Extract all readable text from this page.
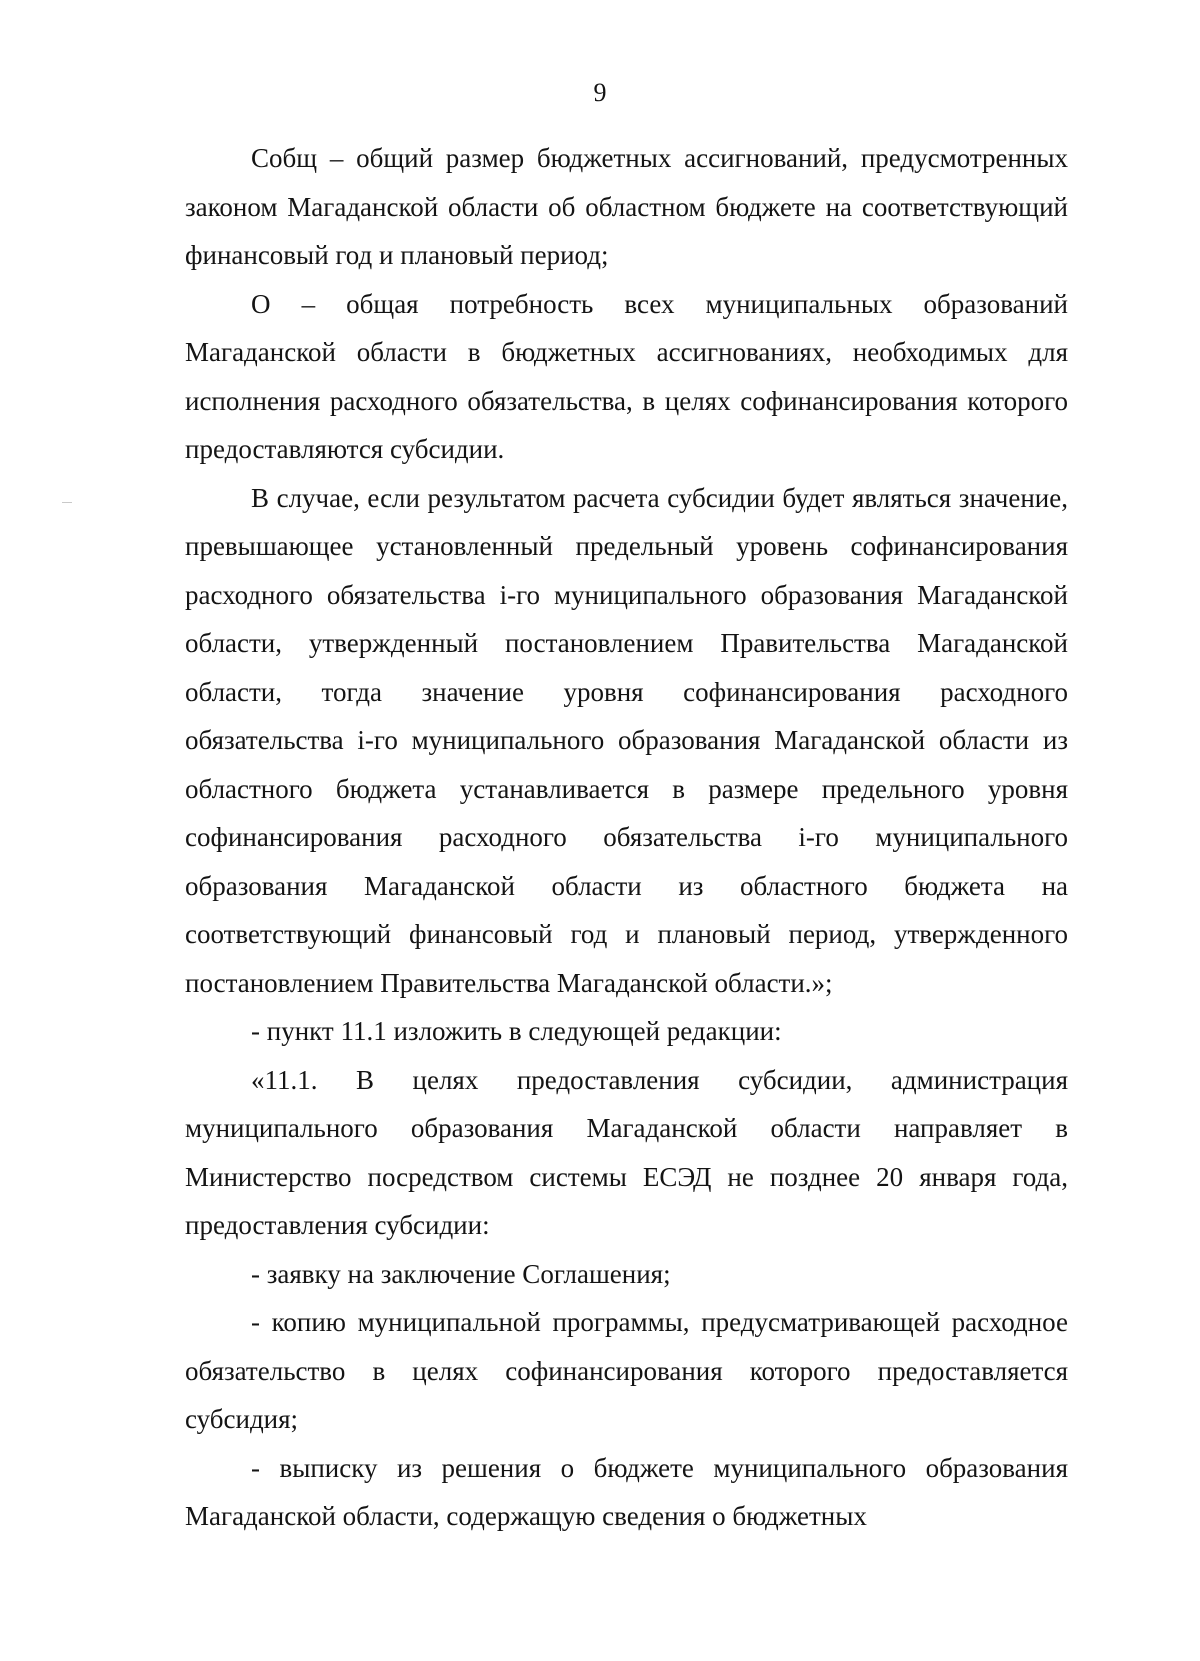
9

Собщ – общий размер бюджетных ассигнований, предусмотренных законом Магаданской области об областном бюджете на соответствующий финансовый год и плановый период;

О – общая потребность всех муниципальных образований Магаданской области в бюджетных ассигнованиях, необходимых для исполнения расходного обязательства, в целях софинансирования которого предоставляются субсидии.

В случае, если результатом расчета субсидии будет являться значение, превышающее установленный предельный уровень софинансирования расходного обязательства i-го муниципального образования Магаданской области, утвержденный постановлением Правительства Магаданской области, тогда значение уровня софинансирования расходного обязательства i-го муниципального образования Магаданской области из областного бюджета устанавливается в размере предельного уровня софинансирования расходного обязательства i-го муниципального образования Магаданской области из областного бюджета на соответствующий финансовый год и плановый период, утвержденного постановлением Правительства Магаданской области.»;

- пункт 11.1 изложить в следующей редакции:

«11.1. В целях предоставления субсидии, администрация муниципального образования Магаданской области направляет в Министерство посредством системы ЕСЭД не позднее 20 января года, предоставления субсидии:

- заявку на заключение Соглашения;

- копию муниципальной программы, предусматривающей расходное обязательство в целях софинансирования которого предоставляется субсидия;

- выписку из решения о бюджете муниципального образования Магаданской области, содержащую сведения о бюджетных
